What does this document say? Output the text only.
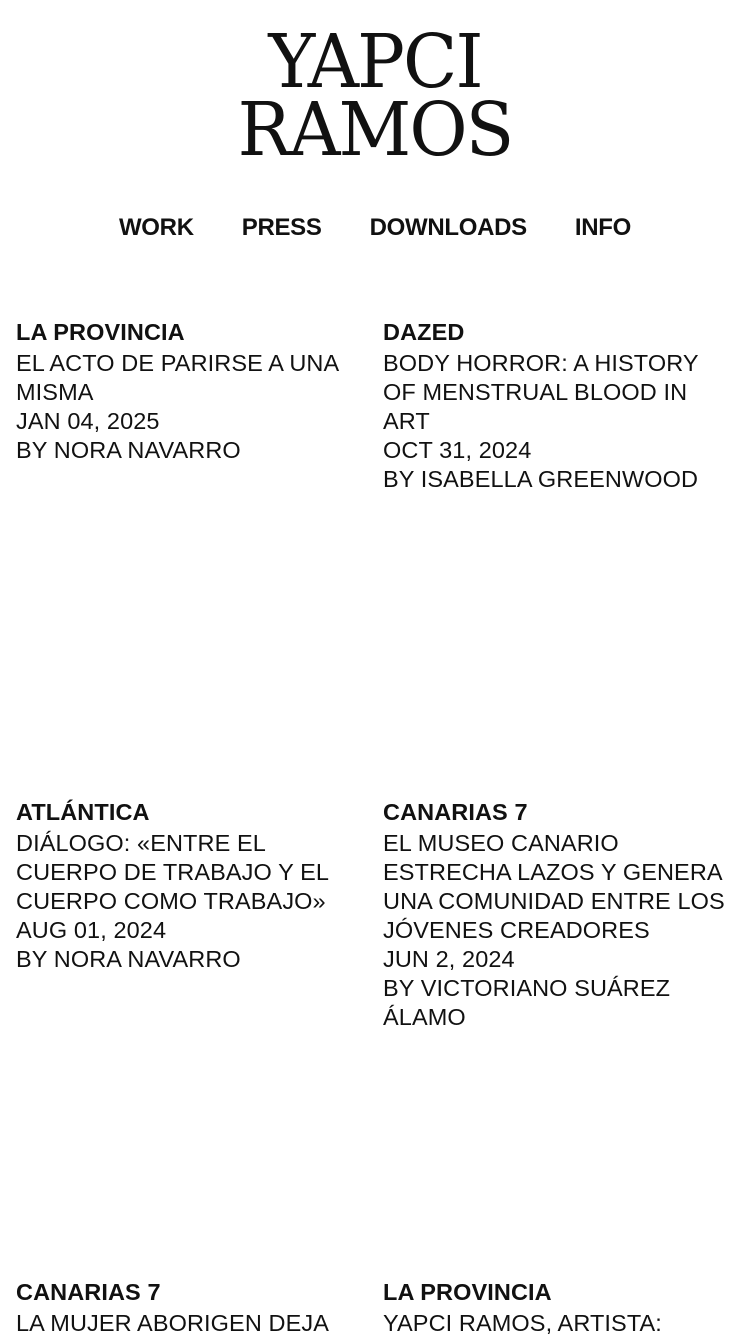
YAPCI
RAMOS
WORK PRESS DOWNLOADS INFO
LA PROVINCIA
EL ACTO DE PARIRSE A UNA MISMA
JAN 04, 2025
BY NORA NAVARRO
DAZED
BODY HORROR: A HISTORY OF MENSTRUAL BLOOD IN ART
OCT 31, 2024
BY ISABELLA GREENWOOD
ATLÁNTICA
DIÁLOGO: «ENTRE EL CUERPO DE TRABAJO Y EL CUERPO COMO TRABAJO»
AUG 01, 2024
BY NORA NAVARRO
CANARIAS 7
EL MUSEO CANARIO ESTRECHA LAZOS Y GENERA UNA COMUNIDAD ENTRE LOS JÓVENES CREADORES
JUN 2, 2024
BY VICTORIANO SUÁREZ ÁLAMO
CANARIAS 7
LA MUJER ABORIGEN DEJA
LA PROVINCIA
YAPCI RAMOS, ARTISTA:
